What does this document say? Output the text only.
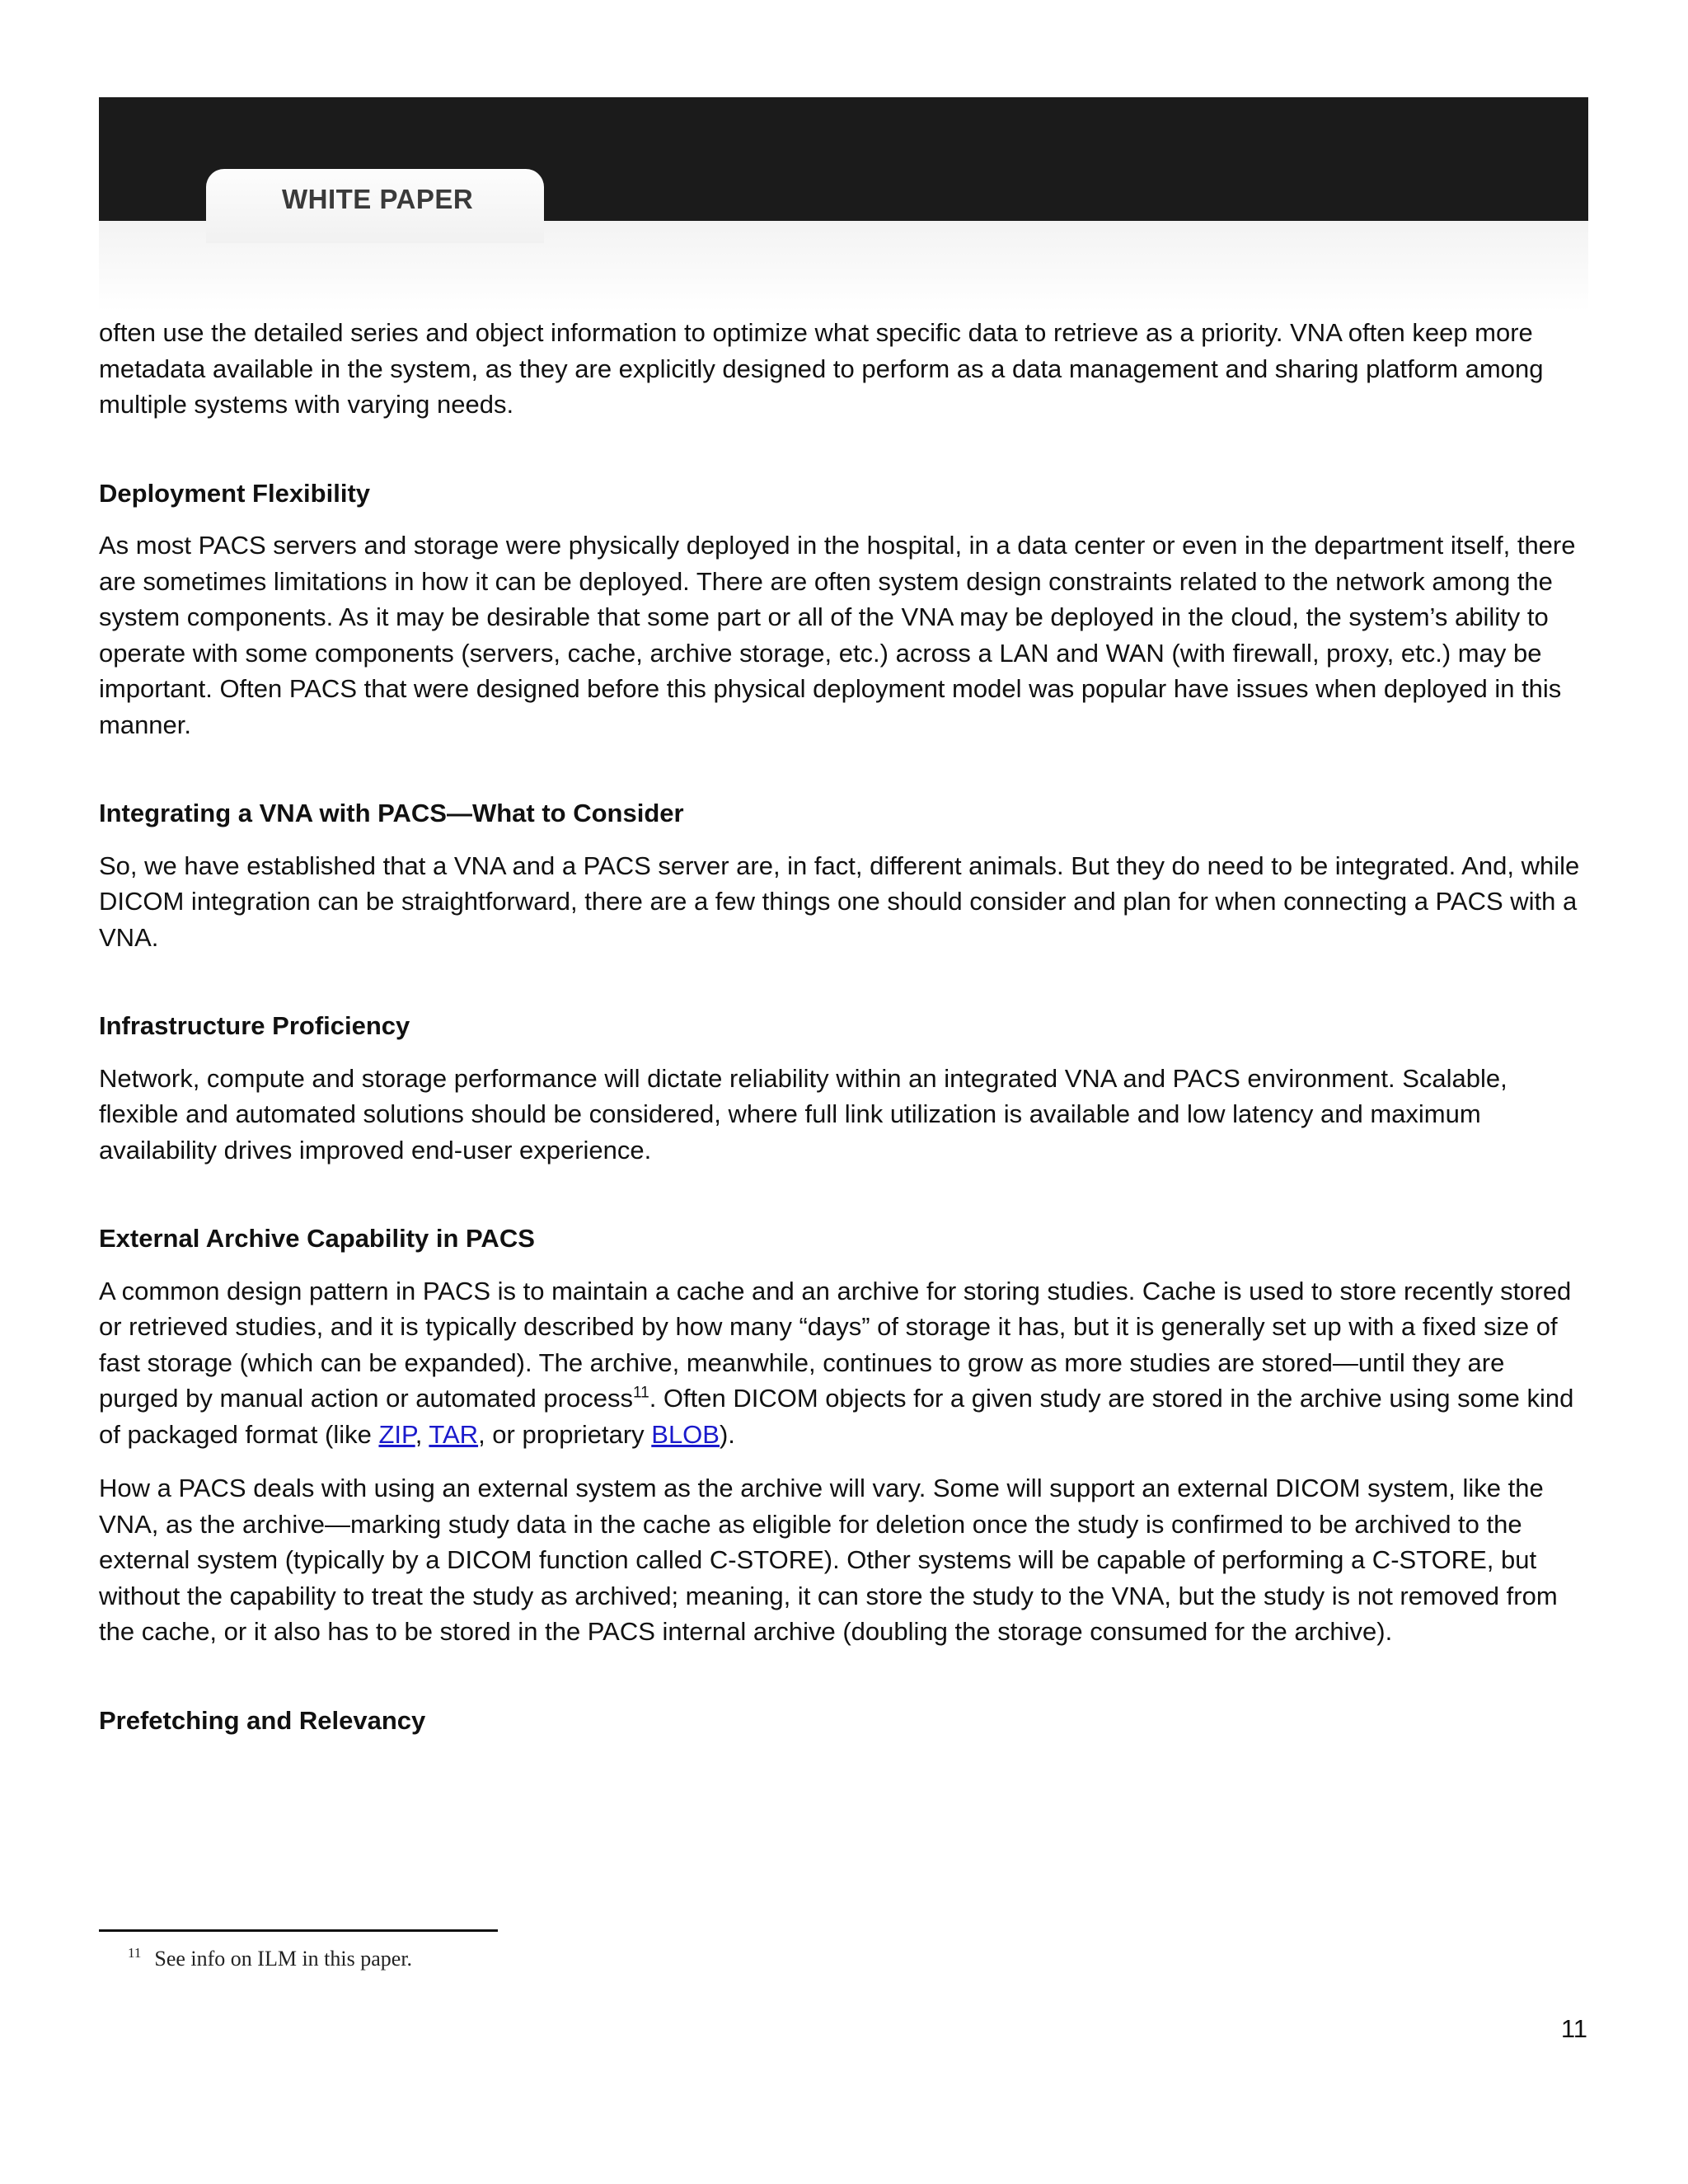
WHITE PAPER

often use the detailed series and object information to optimize what specific data to retrieve as a priority. VNA often keep more metadata available in the system, as they are explicitly designed to perform as a data management and sharing platform among multiple systems with varying needs.

Deployment Flexibility

As most PACS servers and storage were physically deployed in the hospital, in a data center or even in the department itself, there are sometimes limitations in how it can be deployed. There are often system design constraints related to the network among the system components. As it may be desirable that some part or all of the VNA may be deployed in the cloud, the system’s ability to operate with some components (servers, cache, archive storage, etc.) across a LAN and WAN (with firewall, proxy, etc.) may be important. Often PACS that were designed before this physical deployment model was popular have issues when deployed in this manner.

Integrating a VNA with PACS—What to Consider

So, we have established that a VNA and a PACS server are, in fact, different animals. But they do need to be integrated. And, while DICOM integration can be straightforward, there are a few things one should consider and plan for when connecting a PACS with a VNA.

Infrastructure Proficiency

Network, compute and storage performance will dictate reliability within an integrated VNA and PACS environment. Scalable, flexible and automated solutions should be considered, where full link utilization is available and low latency and maximum availability drives improved end-user experience.

External Archive Capability in PACS

A common design pattern in PACS is to maintain a cache and an archive for storing studies. Cache is used to store recently stored or retrieved studies, and it is typically described by how many “days” of storage it has, but it is generally set up with a fixed size of fast storage (which can be expanded). The archive, meanwhile, continues to grow as more studies are stored—until they are purged by manual action or automated process$^{11}$. Often DICOM objects for a given study are stored in the archive using some kind of packaged format (like ZIP, TAR, or proprietary BLOB).

How a PACS deals with using an external system as the archive will vary. Some will support an external DICOM system, like the VNA, as the archive—marking study data in the cache as eligible for deletion once the study is confirmed to be archived to the external system (typically by a DICOM function called C-STORE). Other systems will be capable of performing a C-STORE, but without the capability to treat the study as archived; meaning, it can store the study to the VNA, but the study is not removed from the cache, or it also has to be stored in the PACS internal archive (doubling the storage consumed for the archive).

Prefetching and Relevancy
$^{11}$ See info on ILM in this paper.
11
